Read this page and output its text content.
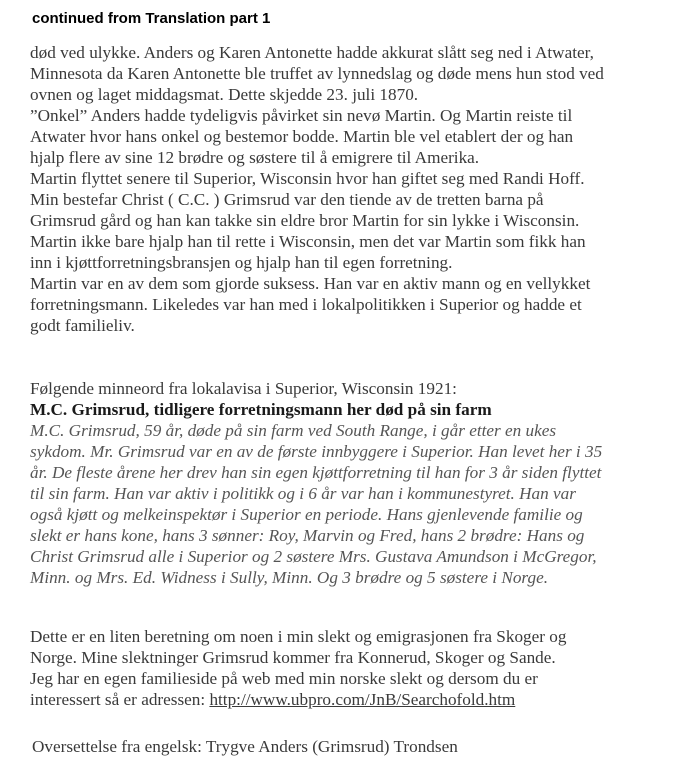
continued from Translation part 1
død ved ulykke. Anders og Karen Antonette hadde akkurat slått seg ned i Atwater,
Minnesota da Karen Antonette ble truffet av lynnedslag og døde mens hun stod ved
ovnen og laget middagsmat. Dette skjedde 23. juli 1870.
”Onkel” Anders hadde tydeligvis påvirket sin nevø Martin. Og Martin reiste til
Atwater hvor hans onkel og bestemor bodde. Martin ble vel etablert der og han
hjalp flere av sine 12 brødre og søstere til å emigrere til Amerika.
Martin flyttet senere til Superior, Wisconsin hvor han giftet seg med Randi Hoff.
Min bestefar Christ ( C.C. ) Grimsrud var den tiende av de tretten barna på
Grimsrud gård og han kan takke sin eldre bror Martin for sin lykke i Wisconsin.
Martin ikke bare hjalp han til rette i Wisconsin, men det var Martin som fikk han
inn i kjøttforretningsbransjen og hjalp han til egen forretning.
Martin var en av dem som gjorde suksess. Han var en aktiv mann og en vellykket
forretningsmann. Likeledes var han med i lokalpolitikken i Superior og hadde et
godt familieliv.
Følgende minneord fra lokalavisa i Superior, Wisconsin 1921:
M.C. Grimsrud, tidligere forretningsmann her død på sin farm
M.C. Grimsrud, 59 år, døde på sin farm ved South Range, i går etter en ukes
sykdom. Mr. Grimsrud var en av de første innbyggere i Superior. Han levet her i 35
år. De fleste årene her drev han sin egen kjøttforretning til han for 3 år siden flyttet
til sin farm. Han var aktiv i politikk og i 6 år var han i kommunestyret. Han var
også kjøtt og melkeinspektør i Superior en periode. Hans gjenlevende familie og
slekt er hans kone, hans 3 sønner: Roy, Marvin og Fred, hans 2 brødre: Hans og
Christ Grimsrud alle i Superior og 2 søstere Mrs. Gustava Amundson i McGregor,
Minn. og Mrs. Ed. Widness i Sully, Minn. Og 3 brødre og 5 søstere i Norge.
Dette er en liten beretning om noen i min slekt og emigrasjonen fra Skoger og
Norge. Mine slektninger Grimsrud kommer fra Konnerud, Skoger og Sande.
Jeg har en egen familieside på web med min norske slekt og dersom du er
interessert så er adressen: http://www.ubpro.com/JnB/Searchofold.htm
Oversettelse fra engelsk: Trygve Anders (Grimsrud) Trondsen
